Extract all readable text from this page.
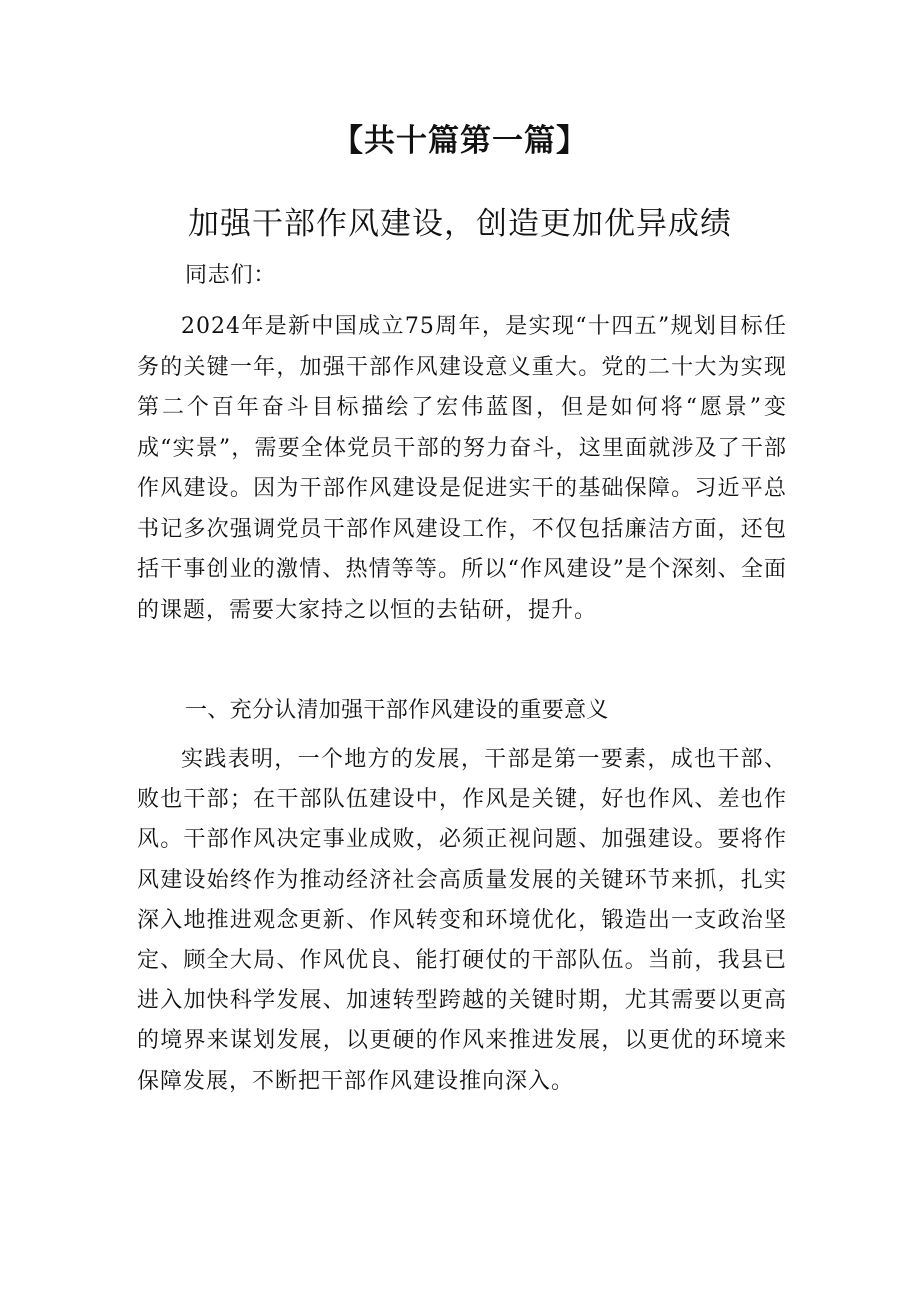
【共十篇第一篇】
加强干部作风建设，创造更加优异成绩
同志们：
2024年是新中国成立75周年，是实现“十四五”规划目标任务的关键一年，加强干部作风建设意义重大。党的二十大为实现第二个百年奋斗目标描绘了宏伟蓝图，但是如何将“愿景”变成“实景”，需要全体党员干部的努力奋斗，这里面就涉及了干部作风建设。因为干部作风建设是促进实干的基础保障。习近平总书记多次强调党员干部作风建设工作，不仅包括廉洁方面，还包括干事创业的激情、热情等等。所以“作风建设”是个深刻、全面的课题，需要大家持之以恒的去钻研，提升。
一、充分认清加强干部作风建设的重要意义
实践表明，一个地方的发展，干部是第一要素，成也干部、败也干部；在干部队伍建设中，作风是关键，好也作风、差也作风。干部作风决定事业成败，必须正视问题、加强建设。要将作风建设始终作为推动经济社会高质量发展的关键环节来抓，扎实深入地推进观念更新、作风转变和环境优化，锻造出一支政治坚定、顾全大局、作风优良、能打硬仗的干部队伍。当前，我县已进入加快科学发展、加速转型跨越的关键时期，尤其需要以更高的境界来谋划发展，以更硬的作风来推进发展，以更优的环境来保障发展，不断把干部作风建设推向深入。
